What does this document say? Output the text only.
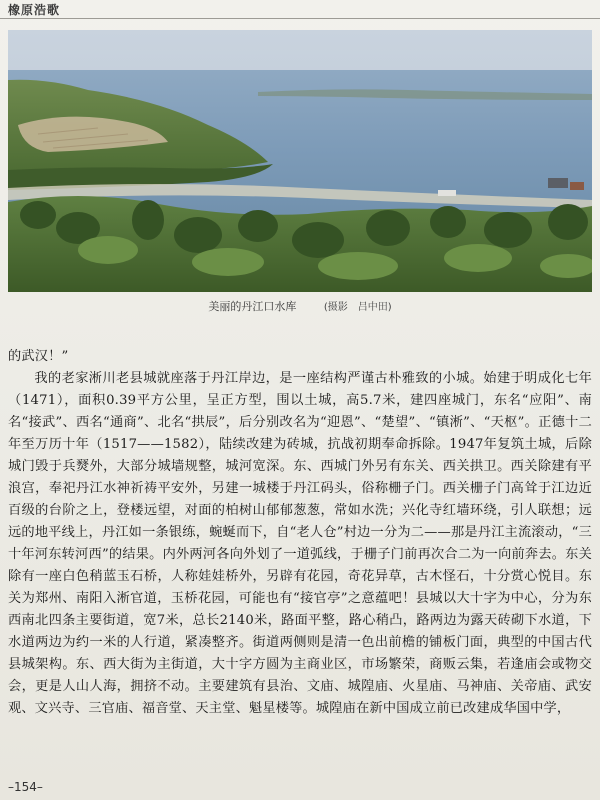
橡原浩歌
美丽的丹江口水库	(摄影　吕中田)

的武汉！”

我的老家淅川老县城就座落于丹江岸边，是一座结构严谨古朴雅致的小城。始建于明成化七年（1471），面积0.39平方公里，呈正方型，围以土城，高5.7米，建四座城门，东名“应阳”、南名“接武”、西名“通商”、北名“拱辰”，后分别改名为“迎恩”、“楚望”、“镇淅”、“天枢”。正德十二年至万历十年（1517——1582），陆续改建为砖城，抗战初期奉命拆除。1947年复筑土城，后除城门毁于兵燹外，大部分城墙规整，城河宽深。东、西城门外另有东关、西关拱卫。西关除建有平浪宫，奉祀丹江水神祈祷平安外，另建一城楼于丹江码头，俗称栅子门。西关栅子门高耸于江边近百级的台阶之上，登楼远望，对面的柏树山郁郁葱葱，常如水洗；兴化寺红墙环绕，引人联想；远远的地平线上，丹江如一条银练，蜿蜒而下，自“老人仓”村边一分为二——那是丹江主流滚动，“三十年河东转河西”的结果。内外两河各向外划了一道弧线，于栅子门前再次合二为一向前奔去。东关除有一座白色稍蓝玉石桥，人称娃娃桥外，另辟有花园，奇花异草，古木怪石，十分赏心悦目。东关为郑州、南阳入淅官道，玉桥花园，可能也有“接官亭”之意蕴吧！县城以大十字为中心，分为东西南北四条主要街道，宽7米，总长2140米，路面平整，路心稍凸，路两边为露天砖砌下水道，下水道两边为约一米的人行道，紧凑整齐。街道两侧则是清一色出前檐的铺板门面，典型的中国古代县城架构。东、西大街为主街道，大十字方圆为主商业区，市场繁荣，商贩云集，若逢庙会或物交会，更是人山人海，拥挤不动。主要建筑有县治、文庙、城隍庙、火星庙、马神庙、关帝庙、武安观、文兴寺、三官庙、福音堂、天主堂、魁星楼等。城隍庙在新中国成立前已改建成华国中学，

–154–
